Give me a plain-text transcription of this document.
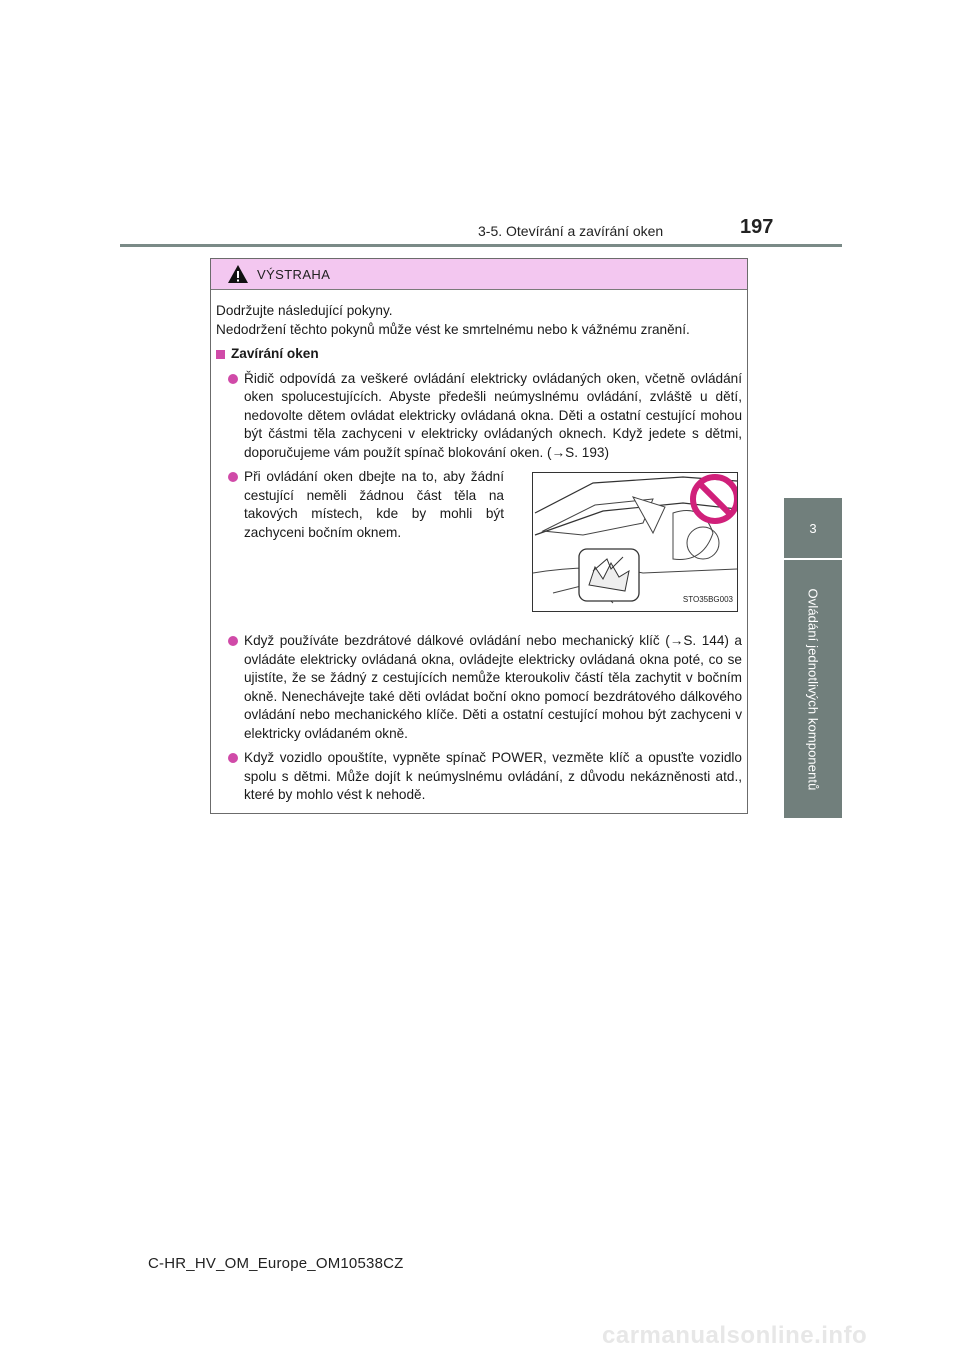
3-5. Otevírání a zavírání oken	197
3
Ovládání jednotlivých komponentů
VÝSTRAHA

Dodržujte následující pokyny.

Nedodržení těchto pokynů může vést ke smrtelnému nebo k vážnému zranění.

Zavírání oken
Řidič odpovídá za veškeré ovládání elektricky ovládaných oken, včetně ovládání oken spolucestujících. Abyste předešli neúmyslnému ovládání, zvláště u dětí, nedovolte dětem ovládat elektricky ovládaná okna. Děti a ostatní cestující mohou být částmi těla zachyceni v elektricky ovládaných oknech. Když jedete s dětmi, doporučujeme vám použít spínač blokování oken. (→S. 193)
Při ovládání oken dbejte na to, aby žádní cestující neměli žádnou část těla na takových místech, kde by mohli být zachyceni bočním oknem.
STO35BG003
Když používáte bezdrátové dálkové ovládání nebo mechanický klíč (→S. 144) a ovládáte elektricky ovládaná okna, ovládejte elektricky ovládaná okna poté, co se ujistíte, že se žádný z cestujících nemůže kteroukoliv částí těla zachytit v bočním okně. Nenechávejte také děti ovládat boční okno pomocí bezdrátového dálkového ovládání nebo mechanického klíče. Děti a ostatní cestující mohou být zachyceni v elektricky ovládaném okně.
Když vozidlo opouštíte, vypněte spínač POWER, vezměte klíč a opusťte vozidlo spolu s dětmi. Může dojít k neúmyslnému ovládání, z důvodu nekázněnosti atd., které by mohlo vést k nehodě.
C-HR_HV_OM_Europe_OM10538CZ
carmanualsonline.info
